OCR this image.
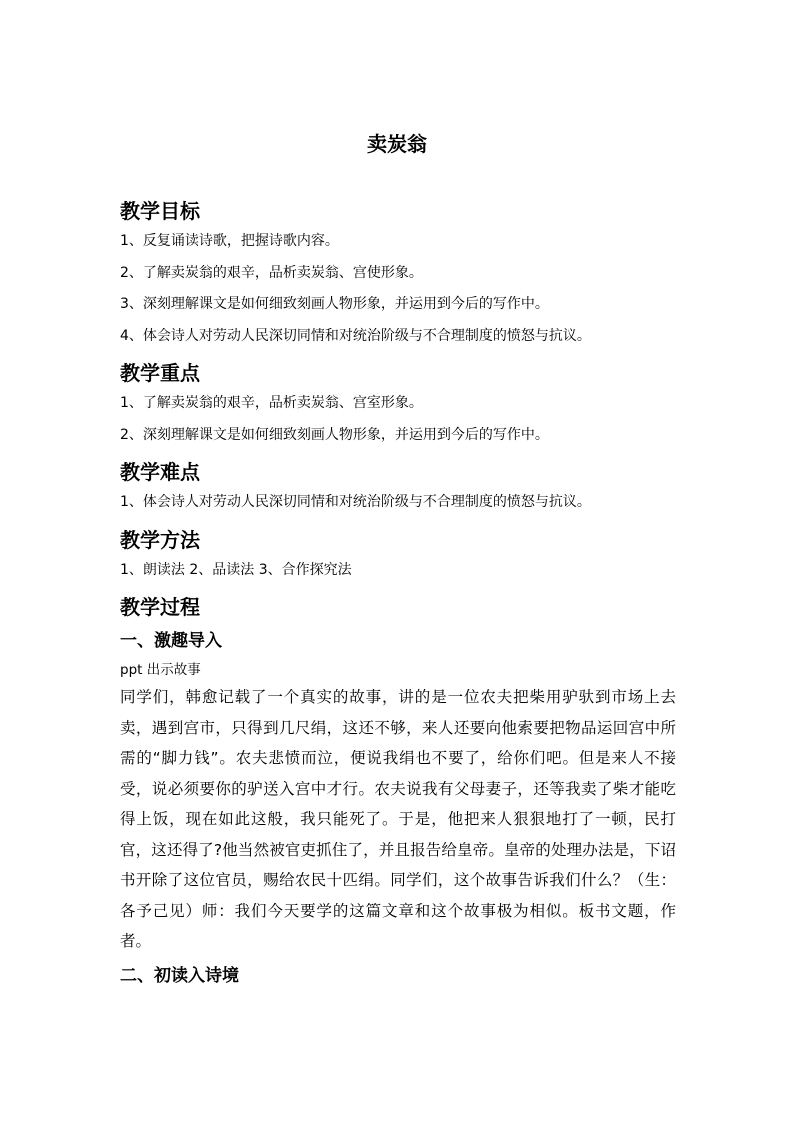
卖炭翁
教学目标
1、反复诵读诗歌，把握诗歌内容。
2、了解卖炭翁的艰辛，品析卖炭翁、宫使形象。
3、深刻理解课文是如何细致刻画人物形象，并运用到今后的写作中。
4、体会诗人对劳动人民深切同情和对统治阶级与不合理制度的愤怒与抗议。
教学重点
1、了解卖炭翁的艰辛，品析卖炭翁、宫室形象。
2、深刻理解课文是如何细致刻画人物形象，并运用到今后的写作中。
教学难点
1、体会诗人对劳动人民深切同情和对统治阶级与不合理制度的愤怒与抗议。
教学方法
1、朗读法 2、品读法 3、合作探究法
教学过程
一、激趣导入
ppt 出示故事
同学们，韩愈记载了一个真实的故事，讲的是一位农夫把柴用驴驮到市场上去卖，遇到宫市，只得到几尺绢，这还不够，来人还要向他索要把物品运回宫中所需的“脚力钱”。农夫悲愤而泣，便说我绢也不要了，给你们吧。但是来人不接受，说必须要你的驴送入宫中才行。农夫说我有父母妻子，还等我卖了柴才能吃得上饭，现在如此这般，我只能死了。于是，他把来人狠狠地打了一顿，民打官，这还得了?他当然被官吏抓住了，并且报告给皇帝。皇帝的处理办法是，下诏书开除了这位官员，赐给农民十匹绢。同学们，这个故事告诉我们什么？（生：各予己见）师：我们今天要学的这篇文章和这个故事极为相似。板书文题，作者。
二、初读入诗境
